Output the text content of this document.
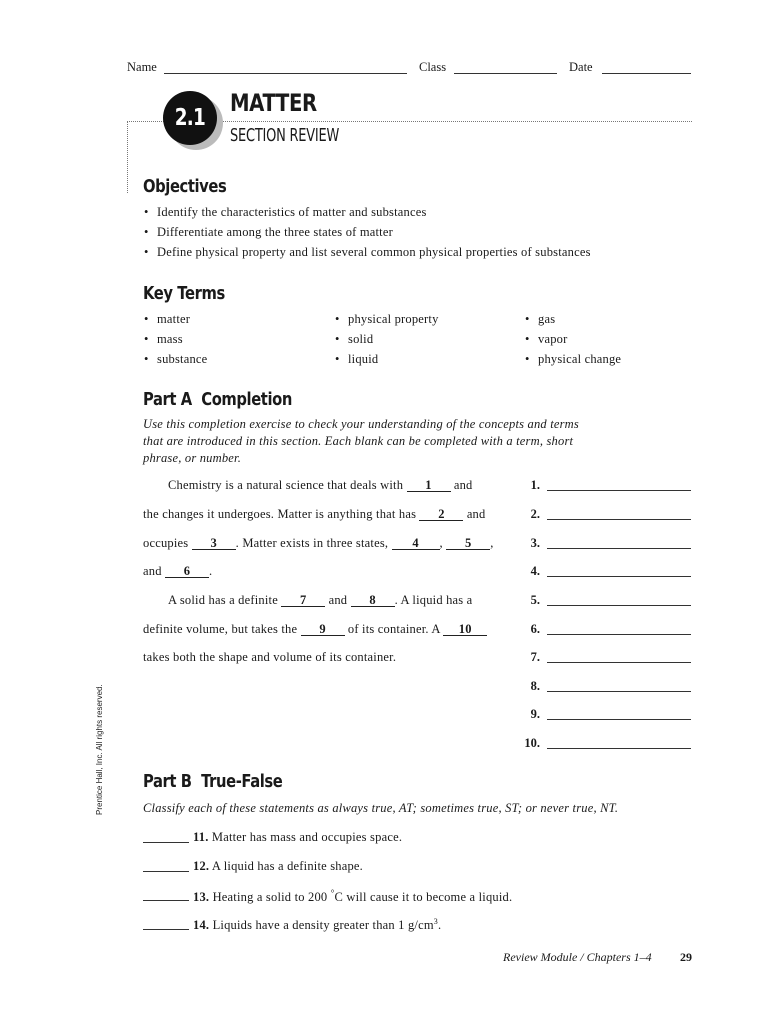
Name	Class	Date
2.1
MATTER
SECTION REVIEW
Objectives
• Identify the characteristics of matter and substances
• Differentiate among the three states of matter
• Define physical property and list several common physical properties of substances
Key Terms
• matter
• mass
• substance
• physical property
• solid
• liquid
• gas
• vapor
• physical change
Part A  Completion
Use this completion exercise to check your understanding of the concepts and terms
that are introduced in this section. Each blank can be completed with a term, short
phrase, or number.
Chemistry is a natural science that deals with 1 and
the changes it undergoes. Matter is anything that has 2 and
occupies 3 . Matter exists in three states, 4 , 5 ,
and 6 .
A solid has a definite 7 and 8 . A liquid has a
definite volume, but takes the 9 of its container. A 10
takes both the shape and volume of its container.
1.
2.
3.
4.
5.
6.
7.
8.
9.
10.
Prentice Hall, Inc. All rights reserved. Part B  True-False
Classify each of these statements as always true, AT; sometimes true, ST; or never true, NT.
11. Matter has mass and occupies space.
12. A liquid has a definite shape.
13. Heating a solid to 200 °C will cause it to become a liquid.
14. Liquids have a density greater than 1 $g/cm^3$.
Review Module / Chapters 1–4 29
